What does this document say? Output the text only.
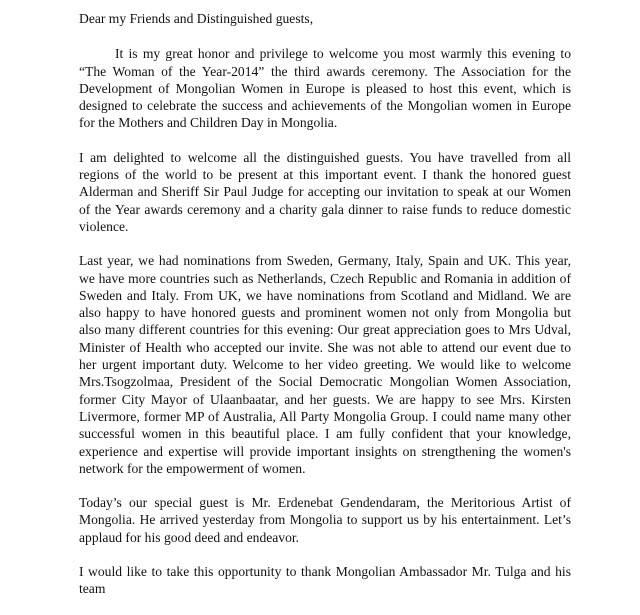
Dear my Friends and Distinguished guests,

It is my great honor and privilege to welcome you most warmly this evening to “The Woman of the Year-2014” the third awards ceremony. The Association for the Development of Mongolian Women in Europe is pleased to host this event, which is designed to celebrate the success and achievements of the Mongolian women in Europe for the Mothers and Children Day in Mongolia.

I am delighted to welcome all the distinguished guests. You have travelled from all regions of the world to be present at this important event. I thank the honored guest Alderman and Sheriff Sir Paul Judge for accepting our invitation to speak at our Women of the Year awards ceremony and a charity gala dinner to raise funds to reduce domestic violence.

Last year, we had nominations from Sweden, Germany, Italy, Spain and UK. This year, we have more countries such as Netherlands, Czech Republic and Romania in addition of Sweden and Italy. From UK, we have nominations from Scotland and Midland. We are also happy to have honored guests and prominent women not only from Mongolia but also many different countries for this evening: Our great appreciation goes to Mrs Udval, Minister of Health who accepted our invite. She was not able to attend our event due to her urgent important duty. Welcome to her video greeting. We would like to welcome Mrs.Tsogzolmaa, President of the Social Democratic Mongolian Women Association, former City Mayor of Ulaanbaatar, and her guests. We are happy to see Mrs. Kirsten Livermore, former MP of Australia, All Party Mongolia Group. I could name many other successful women in this beautiful place. I am fully confident that your knowledge, experience and expertise will provide important insights on strengthening the women's network for the empowerment of women.

Today’s our special guest is Mr. Erdenebat Gendendaram, the Meritorious Artist of Mongolia. He arrived yesterday from Mongolia to support us by his entertainment. Let’s applaud for his good deed and endeavor.

I would like to take this opportunity to thank Mongolian Ambassador Mr. Tulga and his team
